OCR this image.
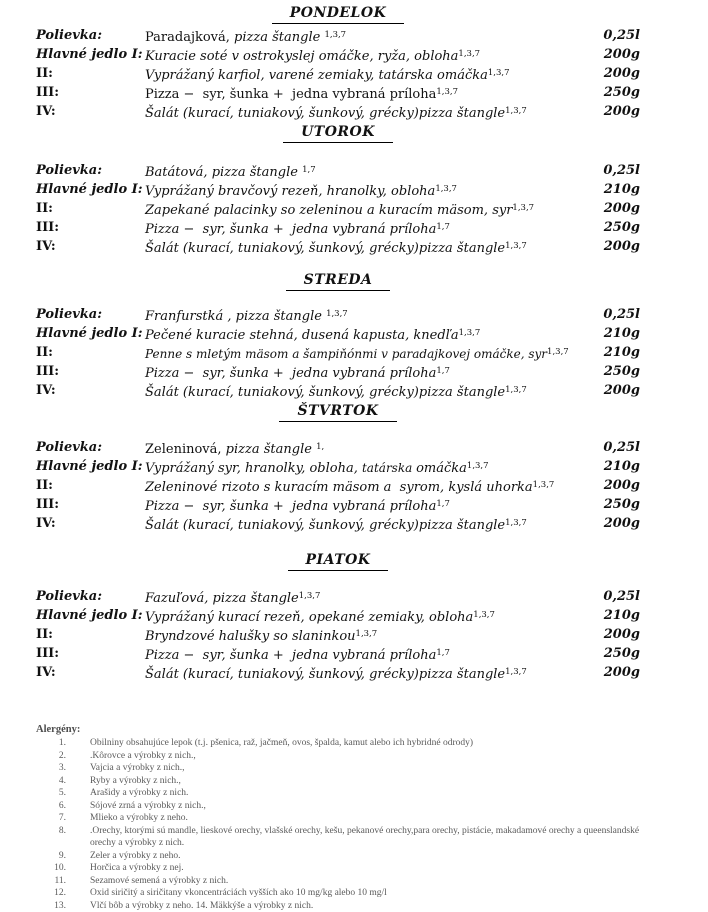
PONDELOK
Polievka:	Paradajková, pizza štangle $^{1,3,7}$	0,25l
Hlavné jedlo I: Kuracie soté v ostrokyslej omáčke, ryža, obloha$^{1,3,7}$	200g
II:	Vyprážaný karfiol, varené zemiaky, tatárska omáčka$^{1,3,7}$	200g
III:	Pizza −  syr, šunka +  jedna vybraná príloha$^{1,3,7}$	250g
IV:	Šalát (kurací, tuniakový, šunkový, grécky)pizza štangle$^{1,3,7}$	200g
UTOROK
Polievka:	Batátová, pizza štangle $^{1,7}$	0,25l
Hlavné jedlo I: Vyprážaný bravčový rezeň, hranolky, obloha$^{1,3,7}$	210g
II:	Zapekané palacinky so zeleninou a kuracím mäsom, syr$^{1,3,7}$	200g
III:	Pizza −  syr, šunka +  jedna vybraná príloha$^{1,7}$	250g
IV:	Šalát (kurací, tuniakový, šunkový, grécky)pizza štangle$^{1,3,7}$	200g
STREDA
Polievka:	Franfurstká , pizza štangle $^{1,3,7}$	0,25l
Hlavné jedlo I: Pečené kuracie stehná, dusená kapusta, knedľa$^{1,3,7}$	210g
II:	Penne s mletým mäsom a šampiňónmi v paradajkovej omáčke, syr$^{1,3,7}$	210g
III:	Pizza −  syr, šunka +  jedna vybraná príloha$^{1,7}$	250g
IV:	Šalát (kurací, tuniakový, šunkový, grécky)pizza štangle$^{1,3,7}$	200g
ŠTVRTOK
Polievka:	Zeleninová, pizza štangle $^{1,}$	0,25l
Hlavné jedlo I: Vyprážaný syr, hranolky, obloha, tatárska omáčka$^{1,3,7}$	210g
II:	Zeleninové rizoto s kuracím mäsom a  syrom, kyslá uhorka$^{1,3,7}$	200g
III:	Pizza −  syr, šunka +  jedna vybraná príloha$^{1,7}$	250g
IV:	Šalát (kurací, tuniakový, šunkový, grécky)pizza štangle$^{1,3,7}$	200g
PIATOK
Polievka:	Fazuľová, pizza štangle$^{1,3,7}$	0,25l
Hlavné jedlo I: Vyprážaný kurací rezeň, opekané zemiaky, obloha$^{1,3,7}$	210g
II:	Bryndzové halušky so slaninkou$^{1,3,7}$	200g
III:	Pizza −  syr, šunka +  jedna vybraná príloha$^{1,7}$	250g
IV:	Šalát (kurací, tuniakový, šunkový, grécky)pizza štangle$^{1,3,7}$	200g
Alergény:
1.	Obilniny obsahujúce lepok (t.j. pšenica, raž, jačmeň, ovos, špalda, kamut alebo ich hybridné odrody)
2.	.Kôrovce a výrobky z nich.,
3.	Vajcia a výrobky z nich.,
4.	Ryby a výrobky z nich.,
5.	Arašidy a výrobky z nich.
6.	Sójové zrná a výrobky z nich.,
7.	Mlieko a výrobky z neho.
8.	.Orechy, ktorými sú mandle, lieskové orechy, vlašské orechy, kešu, pekanové orechy,para orechy, pistácie, makadamové orechy a queenslandské orechy a výrobky z nich.
9.	Zeler a výrobky z neho.
10.	Horčica a výrobky z nej.
11.	Sezamové semená a výrobky z nich.
12.	Oxid siričitý a siričitany vkoncentráciách vyšších ako 10 mg/kg alebo 10 mg/l
13.	Vlčí bôb a výrobky z neho. 14. Mäkkýše a výrobky z nich.
